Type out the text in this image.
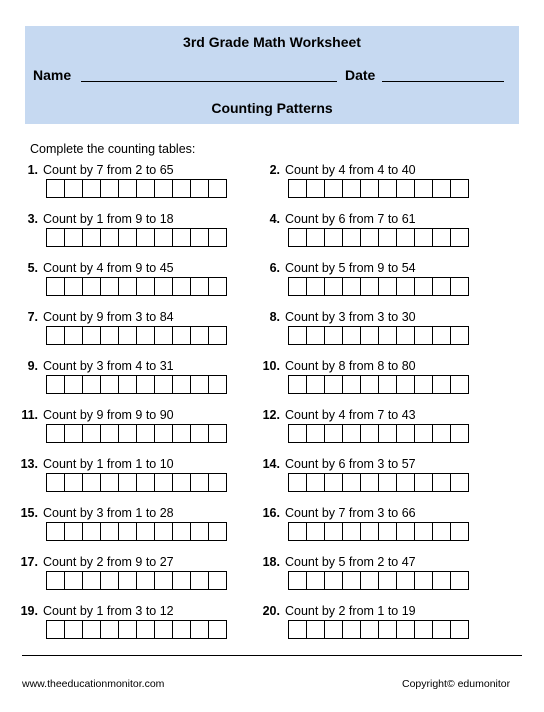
3rd Grade Math Worksheet
Name	Date
Counting Patterns
Complete the counting tables:
1. Count by 7 from 2 to 65	2. Count by 4 from 4 to 40
3. Count by 1 from 9 to 18	4. Count by 6 from 7 to 61
5. Count by 4 from 9 to 45	6. Count by 5 from 9 to 54
7. Count by 9 from 3 to 84	8. Count by 3 from 3 to 30
9. Count by 3 from 4 to 31	10. Count by 8 from 8 to 80
11. Count by 9 from 9 to 90	12. Count by 4 from 7 to 43
13. Count by 1 from 1 to 10	14. Count by 6 from 3 to 57
15. Count by 3 from 1 to 28	16. Count by 7 from 3 to 66
17. Count by 2 from 9 to 27	18. Count by 5 from 2 to 47
19. Count by 1 from 3 to 12	20. Count by 2 from 1 to 19
www.theeducationmonitor.com	Copyright© edumonitor
